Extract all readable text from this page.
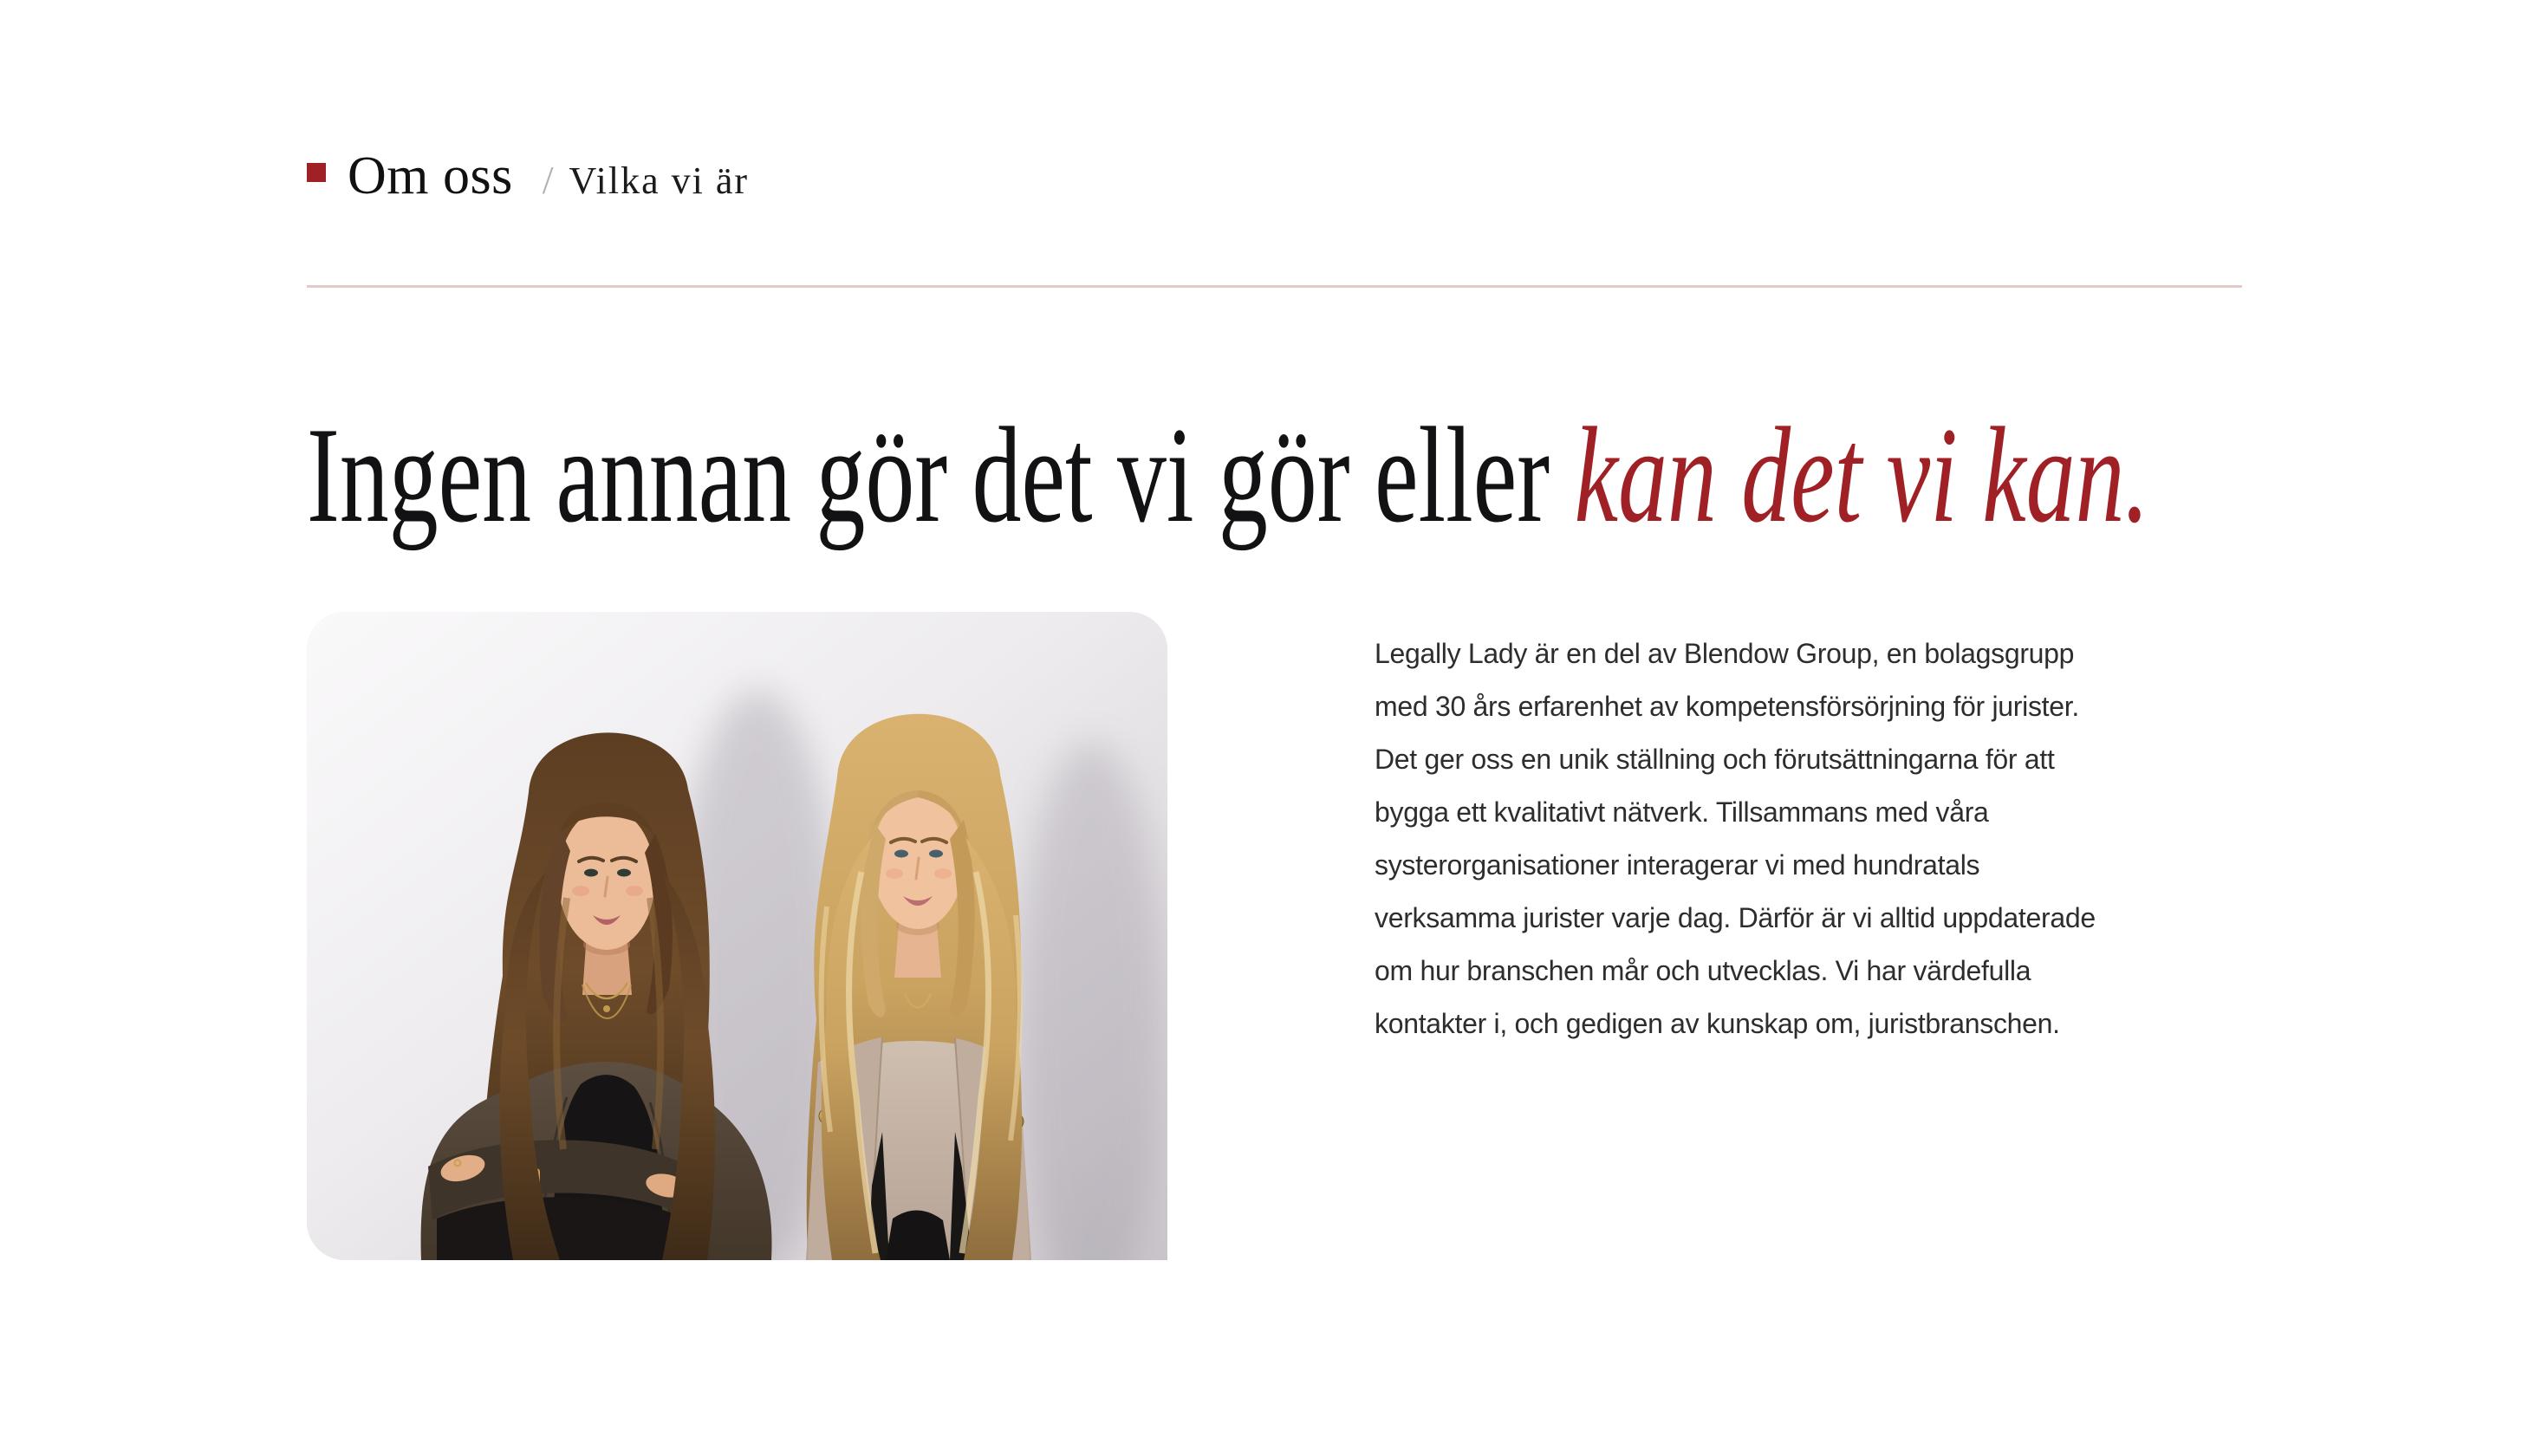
Om oss / Vilka vi är
Ingen annan gör det vi gör eller kan det vi kan.
Legally Lady är en del av Blendow Group, en bolagsgrupp
med 30 års erfarenhet av kompetensförsörjning för jurister.
Det ger oss en unik ställning och förutsättningarna för att
bygga ett kvalitativt nätverk. Tillsammans med våra
systerorganisationer interagerar vi med hundratals
verksamma jurister varje dag. Därför är vi alltid uppdaterade
om hur branschen mår och utvecklas. Vi har värdefulla
kontakter i, och gedigen av kunskap om, juristbranschen.
